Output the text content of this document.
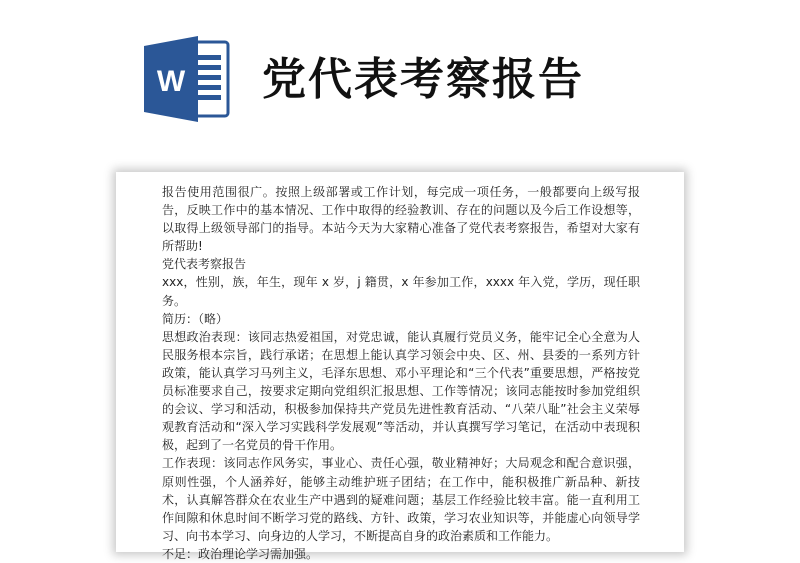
W 党代表考察报告

报告使用范围很广。按照上级部署或工作计划，每完成一项任务，一般都要向上级写报告，反映工作中的基本情况、工作中取得的经验教训、存在的问题以及今后工作设想等，以取得上级领导部门的指导。本站今天为大家精心准备了党代表考察报告，希望对大家有所帮助!

党代表考察报告

xxx，性别，族，年生，现年 x 岁，j 籍贯，x 年参加工作，xxxx 年入党，学历，现任职务。

简历：（略）

思想政治表现：该同志热爱祖国，对党忠诚，能认真履行党员义务，能牢记全心全意为人民服务根本宗旨，践行承诺；在思想上能认真学习领会中央、区、州、县委的一系列方针政策，能认真学习马列主义，毛泽东思想、邓小平理论和“三个代表”重要思想，严格按党员标准要求自己，按要求定期向党组织汇报思想、工作等情况；该同志能按时参加党组织的会议、学习和活动，积极参加保持共产党员先进性教育活动、“八荣八耻”社会主义荣辱观教育活动和“深入学习实践科学发展观”等活动，并认真撰写学习笔记，在活动中表现积极，起到了一名党员的骨干作用。

工作表现：该同志作风务实，事业心、责任心强，敬业精神好；大局观念和配合意识强，原则性强，个人涵养好，能够主动维护班子团结；在工作中，能积极推广新品种、新技术，认真解答群众在农业生产中遇到的疑难问题；基层工作经验比较丰富。能一直利用工作间隙和休息时间不断学习党的路线、方针、政策，学习农业知识等，并能虚心向领导学习、向书本学习、向身边的人学习，不断提高自身的政治素质和工作能力。

不足：政治理论学习需加强。
